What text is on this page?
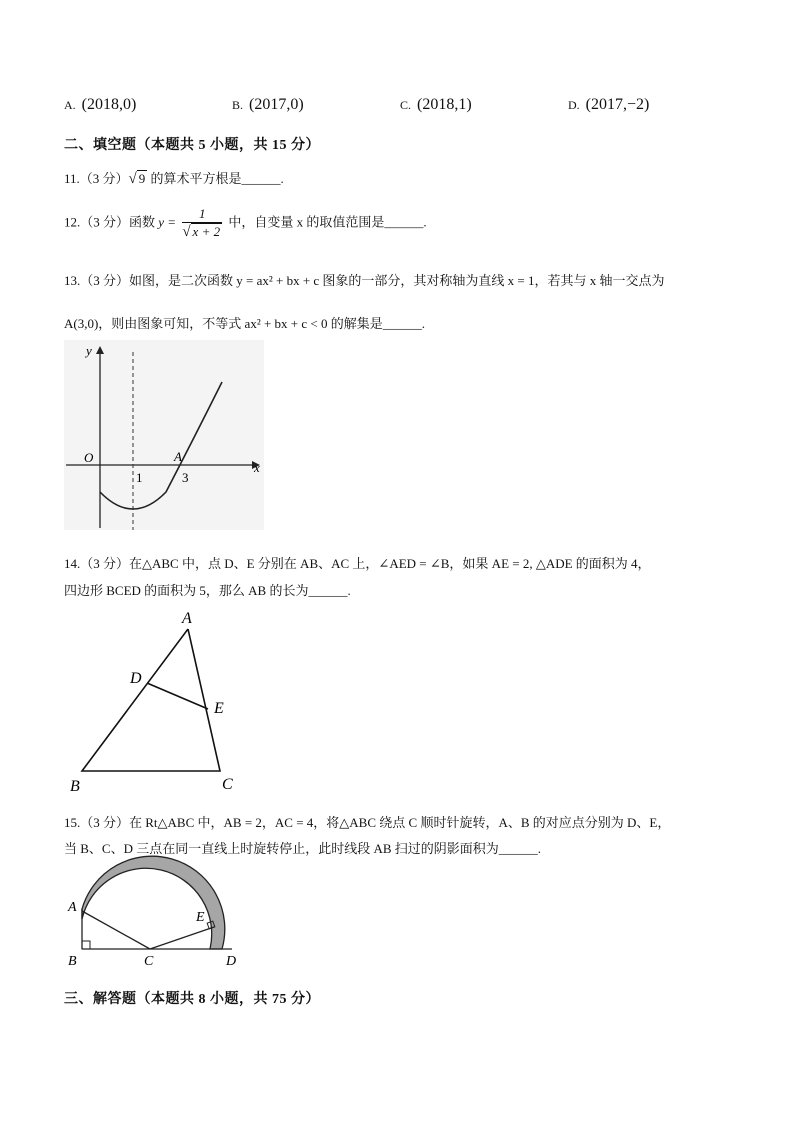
A. (2018,0)	B. (2017,0)	C. (2018,1)	D. (2017,−2)
二、填空题（本题共 5 小题，共 15 分）
11.（3 分）√ 9 的算术平方根是______.
12.（3 分）函数 $y = \frac{1}{√ x + 2}$ 中，自变量 x 的取值范围是______.
13.（3 分）如图，是二次函数 y = ax² + bx + c 图象的一部分，其对称轴为直线 x = 1，若其与 x 轴一交点为
A(3,0)，则由图象可知，不等式 ax² + bx + c < 0 的解集是______.
O
1	3
A
x
y
14.（3 分）在△ABC 中，点 D、E 分别在 AB、AC 上，∠AED = ∠B，如果 AE = 2, △ADE 的面积为 4，
四边形 BCED 的面积为 5，那么 AB 的长为______.
A
D
E
B	C
15.（3 分）在 Rt△ABC 中，AB = 2，AC = 4，将△ABC 绕点 C 顺时针旋转，A、B 的对应点分别为 D、E，
当 B、C、D 三点在同一直线上时旋转停止，此时线段 AB 扫过的阴影面积为______.
A
B	C	D
E
三、解答题（本题共 8 小题，共 75 分）
